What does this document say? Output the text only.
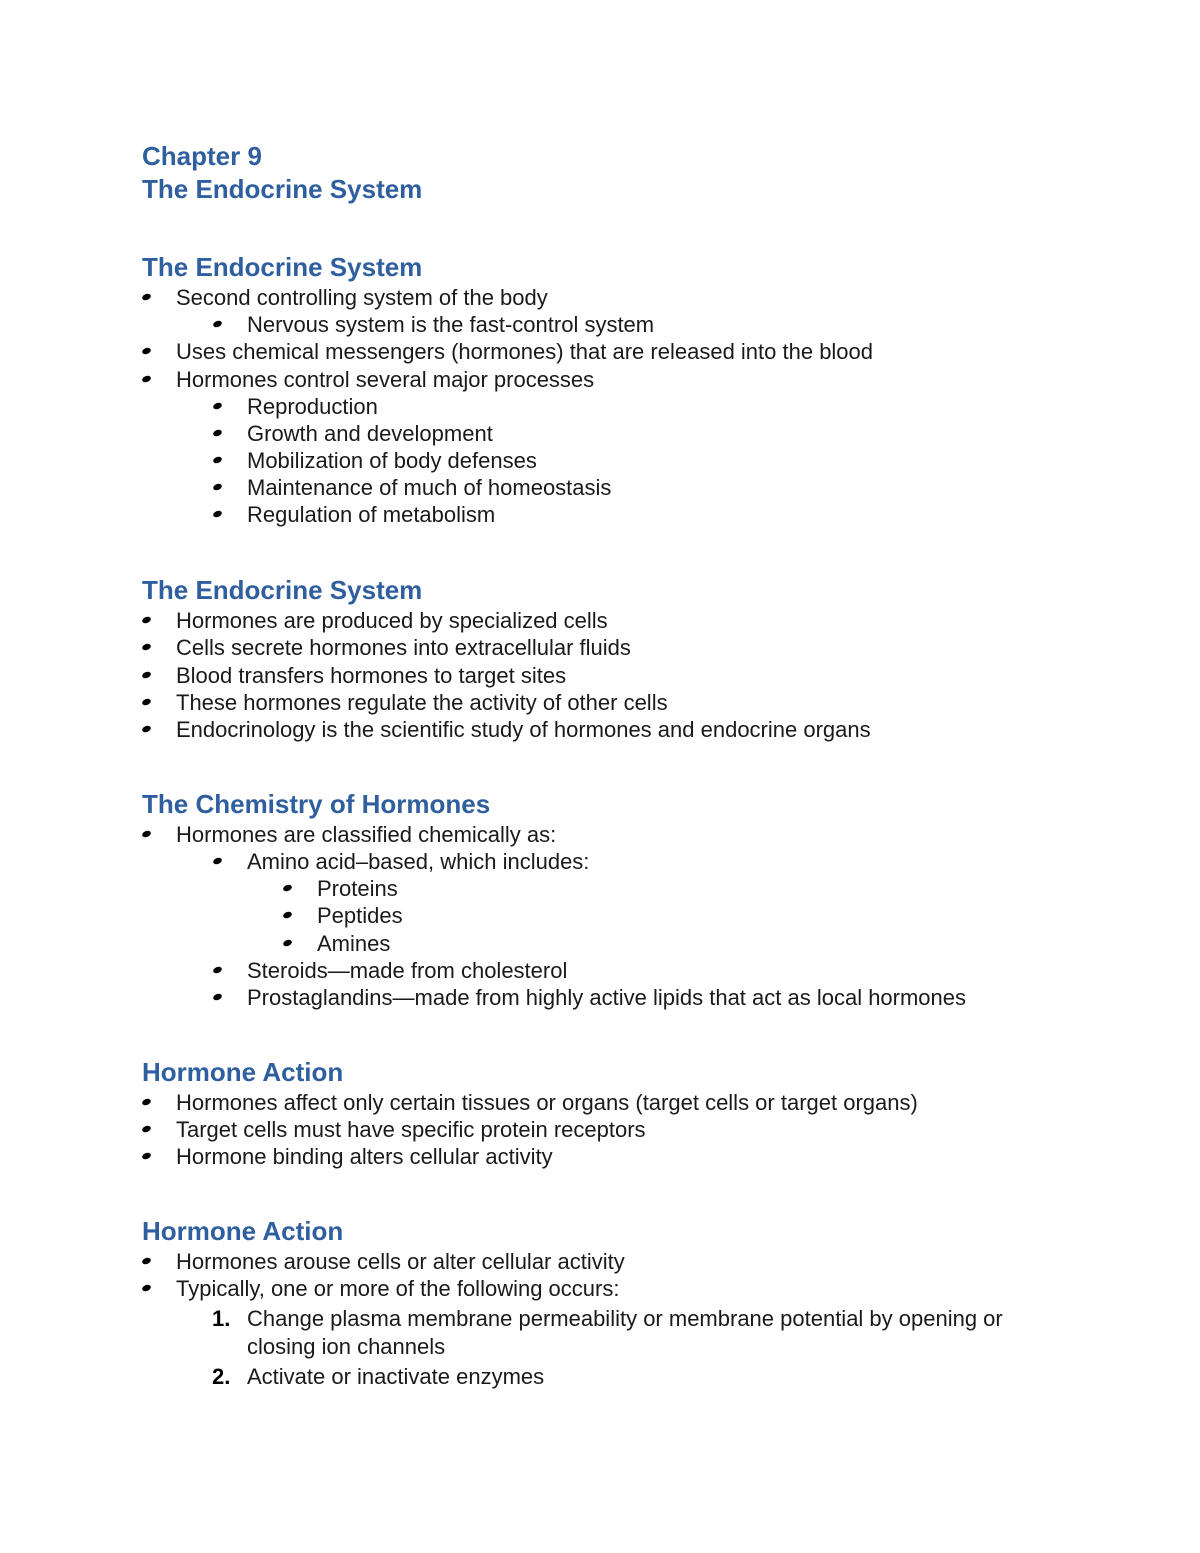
Chapter 9
The Endocrine System
The Endocrine System

Second controlling system of the body

Nervous system is the fast-control system

Uses chemical messengers (hormones) that are released into the blood

Hormones control several major processes

Reproduction

Growth and development

Mobilization of body defenses

Maintenance of much of homeostasis

Regulation of metabolism

The Endocrine System

Hormones are produced by specialized cells

Cells secrete hormones into extracellular fluids

Blood transfers hormones to target sites

These hormones regulate the activity of other cells

Endocrinology is the scientific study of hormones and endocrine organs

The Chemistry of Hormones

Hormones are classified chemically as:

Amino acid–based, which includes:

Proteins

Peptides

Amines

Steroids—made from cholesterol

Prostaglandins—made from highly active lipids that act as local hormones

Hormone Action

Hormones affect only certain tissues or organs (target cells or target organs)

Target cells must have specific protein receptors

Hormone binding alters cellular activity

Hormone Action

Hormones arouse cells or alter cellular activity

Typically, one or more of the following occurs:

1. Change plasma membrane permeability or membrane potential by opening or

closing ion channels

2. Activate or inactivate enzymes
